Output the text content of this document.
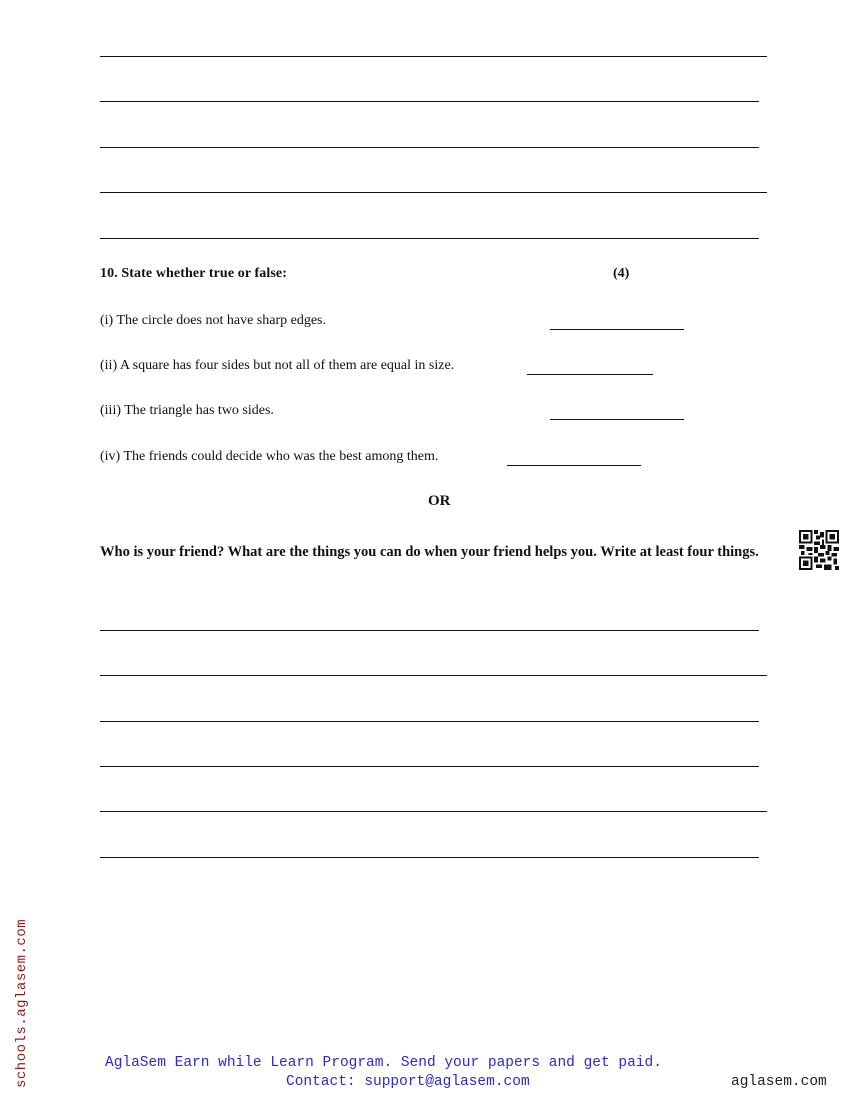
10. State whether true or false:	(4)
(i) The circle does not have sharp edges.
(ii) A square has four sides but not all of them are equal in size.
(iii) The triangle has two sides.
(iv) The friends could decide who was the best among them.
OR
Who is your friend? What are the things you can do when your friend helps you. Write at least four things.
schools.aglasem.com	AglaSem Earn while Learn Program. Send your papers and get paid.
Contact: support@aglasem.com	aglasem.com
